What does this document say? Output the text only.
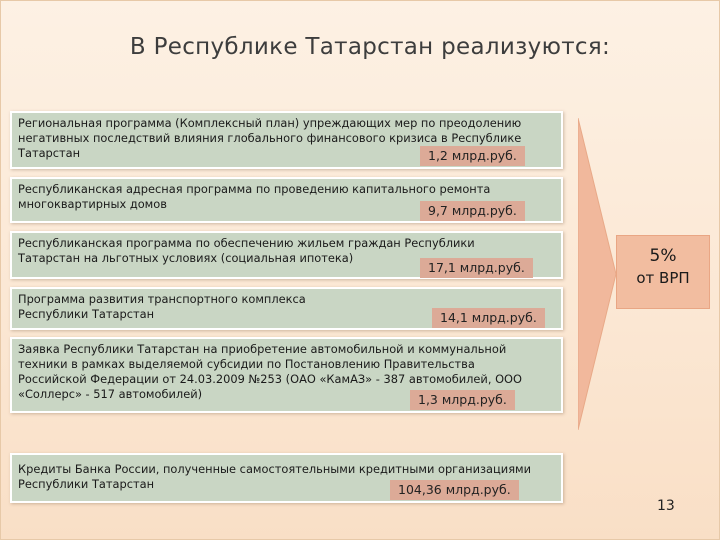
В Республике Татарстан реализуются:
Региональная программа (Комплексный план) упреждающих мер по преодолению
негативных последствий влияния глобального финансового кризиса в Республике
Татарстан	1,2 млрд.руб.
Республиканская адресная программа по проведению капитального ремонта
многоквартирных домов	9,7 млрд.руб.
Республиканская программа по обеспечению жильем граждан Республики
Татарстан на льготных условиях (социальная ипотека)
17,1 млрд.руб.
Программа развития транспортного комплекса
Республики Татарстан	14,1 млрд.руб.
Заявка Республики Татарстан на приобретение автомобильной и коммунальной
техники в рамках выделяемой субсидии по Постановлению Правительства
Российской Федерации от 24.03.2009 №253 (ОАО «КамАЗ» - 387 автомобилей, ООО
«Соллерс» - 517 автомобилей)	1,3 млрд.руб.
Кредиты Банка России, полученные самостоятельными кредитными организациями
Республики Татарстан	104,36 млрд.руб.
5%
от ВРП
13
